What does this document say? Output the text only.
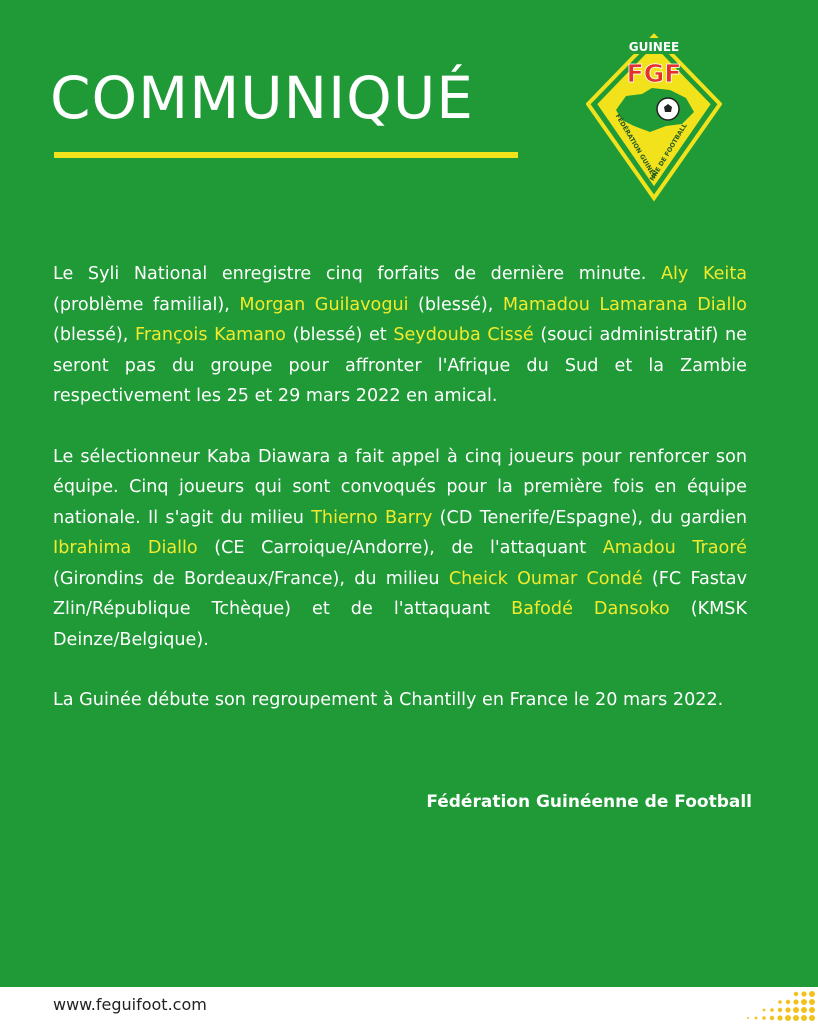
COMMUNIQUÉ
GUINEE
FGF
FÉDÉRATION GUINÉENNE DE FOOTBALL

Le Syli National enregistre cinq forfaits de dernière minute. Aly Keita (problème familial), Morgan Guilavogui (blessé), Mamadou Lamarana Diallo (blessé), François Kamano (blessé) et Seydouba Cissé (souci administratif) ne seront pas du groupe pour affronter l'Afrique du Sud et la Zambie respectivement les 25 et 29 mars 2022 en amical.

Le sélectionneur Kaba Diawara a fait appel à cinq joueurs pour renforcer son équipe. Cinq joueurs qui sont convoqués pour la première fois en équipe nationale. Il s'agit du milieu Thierno Barry (CD Tenerife/Espagne), du gardien Ibrahima Diallo (CE Carroique/Andorre), de l'attaquant Amadou Traoré (Girondins de Bordeaux/France), du milieu Cheick Oumar Condé (FC Fastav Zlin/République Tchèque) et de l'attaquant Bafodé Dansoko (KMSK Deinze/Belgique).

La Guinée débute son regroupement à Chantilly en France le 20 mars 2022.

Fédération Guinéenne de Football
www.feguifoot.com
